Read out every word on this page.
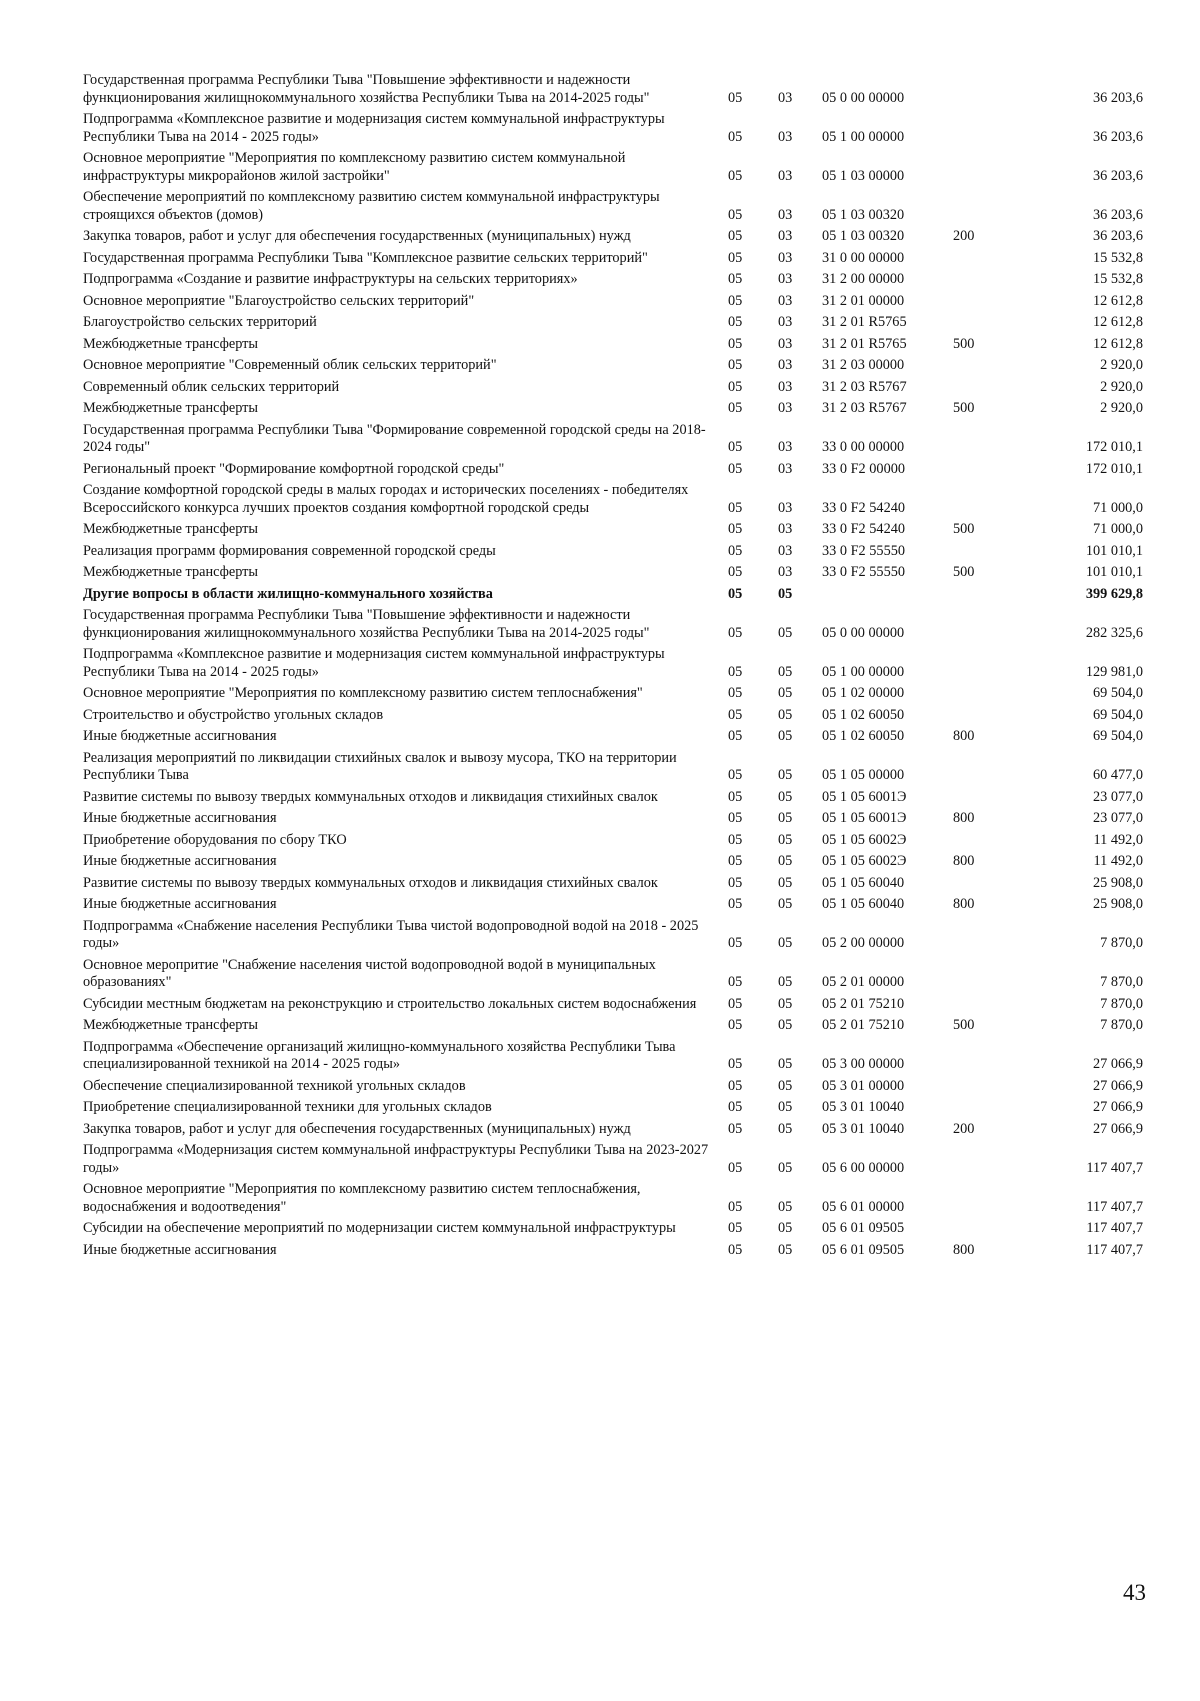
Государственная программа Республики Тыва "Повышение эффективности и надежности функционирования жилищнокоммунального хозяйства Республики Тыва на 2014-2025 годы"	05	03	05 0 00 00000		36 203,6
Подпрограмма «Комплексное развитие и модернизация систем коммунальной инфраструктуры Республики Тыва на 2014 - 2025 годы»	05	03	05 1 00 00000		36 203,6
Основное мероприятие "Мероприятия по комплексному развитию систем коммунальной инфраструктуры микрорайонов жилой застройки"	05	03	05 1 03 00000		36 203,6
Обеспечение мероприятий по комплексному развитию систем коммунальной инфраструктуры строящихся объектов (домов)	05	03	05 1 03 00320		36 203,6
Закупка товаров, работ и услуг для обеспечения государственных (муниципальных) нужд	05	03	05 1 03 00320	200	36 203,6
Государственная программа Республики Тыва "Комплексное развитие сельских территорий"	05	03	31 0 00 00000		15 532,8
Подпрограмма «Создание и развитие инфраструктуры на сельских территориях»	05	03	31 2 00 00000		15 532,8
Основное мероприятие "Благоустройство сельских территорий"	05	03	31 2 01 00000		12 612,8
Благоустройство сельских территорий	05	03	31 2 01 R5765		12 612,8
Межбюджетные трансферты	05	03	31 2 01 R5765	500	12 612,8
Основное мероприятие "Современный облик сельских территорий"	05	03	31 2 03 00000		2 920,0
Современный облик сельских территорий	05	03	31 2 03 R5767		2 920,0
Межбюджетные трансферты	05	03	31 2 03 R5767	500	2 920,0
Государственная программа Республики Тыва "Формирование современной городской среды на 2018-2024 годы"	05	03	33 0 00 00000		172 010,1
Региональный проект "Формирование комфортной городской среды"	05	03	33 0 F2 00000		172 010,1
Создание комфортной городской среды в малых городах и исторических поселениях - победителях Всероссийского конкурса лучших проектов создания комфортной городской среды	05	03	33 0 F2 54240		71 000,0
Межбюджетные трансферты	05	03	33 0 F2 54240	500	71 000,0
Реализация программ формирования современной городской среды	05	03	33 0 F2 55550		101 010,1
Межбюджетные трансферты	05	03	33 0 F2 55550	500	101 010,1
Другие вопросы в области жилищно-коммунального хозяйства	05	05			399 629,8
Государственная программа Республики Тыва "Повышение эффективности и надежности функционирования жилищнокоммунального хозяйства Республики Тыва на 2014-2025 годы"	05	05	05 0 00 00000		282 325,6
Подпрограмма «Комплексное развитие и модернизация систем коммунальной инфраструктуры Республики Тыва на 2014 - 2025 годы»	05	05	05 1 00 00000		129 981,0
Основное мероприятие "Мероприятия по комплексному развитию систем теплоснабжения"	05	05	05 1 02 00000		69 504,0
Строительство и обустройство угольных складов	05	05	05 1 02 60050		69 504,0
Иные бюджетные ассигнования	05	05	05 1 02 60050	800	69 504,0
Реализация мероприятий по ликвидации стихийных свалок и вывозу мусора, ТКО на территории Республики Тыва	05	05	05 1 05 00000		60 477,0
Развитие системы по вывозу твердых коммунальных отходов и ликвидация стихийных свалок	05	05	05 1 05 6001Э		23 077,0
Иные бюджетные ассигнования	05	05	05 1 05 6001Э	800	23 077,0
Приобретение оборудования по сбору ТКО	05	05	05 1 05 6002Э		11 492,0
Иные бюджетные ассигнования	05	05	05 1 05 6002Э	800	11 492,0
Развитие системы по вывозу твердых коммунальных отходов и ликвидация стихийных свалок	05	05	05 1 05 60040		25 908,0
Иные бюджетные ассигнования	05	05	05 1 05 60040	800	25 908,0
Подпрограмма «Снабжение населения Республики Тыва чистой водопроводной водой на 2018 - 2025 годы»	05	05	05 2 00 00000		7 870,0
Основное меропритие "Снабжение населения чистой водопроводной водой в муниципальных образованиях"	05	05	05 2 01 00000		7 870,0
Субсидии местным бюджетам на реконструкцию и строительство локальных систем водоснабжения	05	05	05 2 01 75210		7 870,0
Межбюджетные трансферты	05	05	05 2 01 75210	500	7 870,0
Подпрограмма «Обеспечение организаций жилищно-коммунального хозяйства Республики Тыва специализированной техникой на 2014 - 2025 годы»	05	05	05 3 00 00000		27 066,9
Обеспечение специализированной техникой угольных складов	05	05	05 3 01 00000		27 066,9
Приобретение специализированной техники для угольных складов	05	05	05 3 01 10040		27 066,9
Закупка товаров, работ и услуг для обеспечения государственных (муниципальных) нужд	05	05	05 3 01 10040	200	27 066,9
Подпрограмма «Модернизация систем коммунальной инфраструктуры Республики Тыва на 2023-2027 годы»	05	05	05 6 00 00000		117 407,7
Основное мероприятие "Мероприятия по комплексному развитию систем теплоснабжения, водоснабжения и водоотведения"	05	05	05 6 01 00000		117 407,7
Субсидии на обеспечение мероприятий по модернизации систем коммунальной инфраструктуры	05	05	05 6 01 09505		117 407,7
Иные бюджетные ассигнования	05	05	05 6 01 09505	800	117 407,7
43
